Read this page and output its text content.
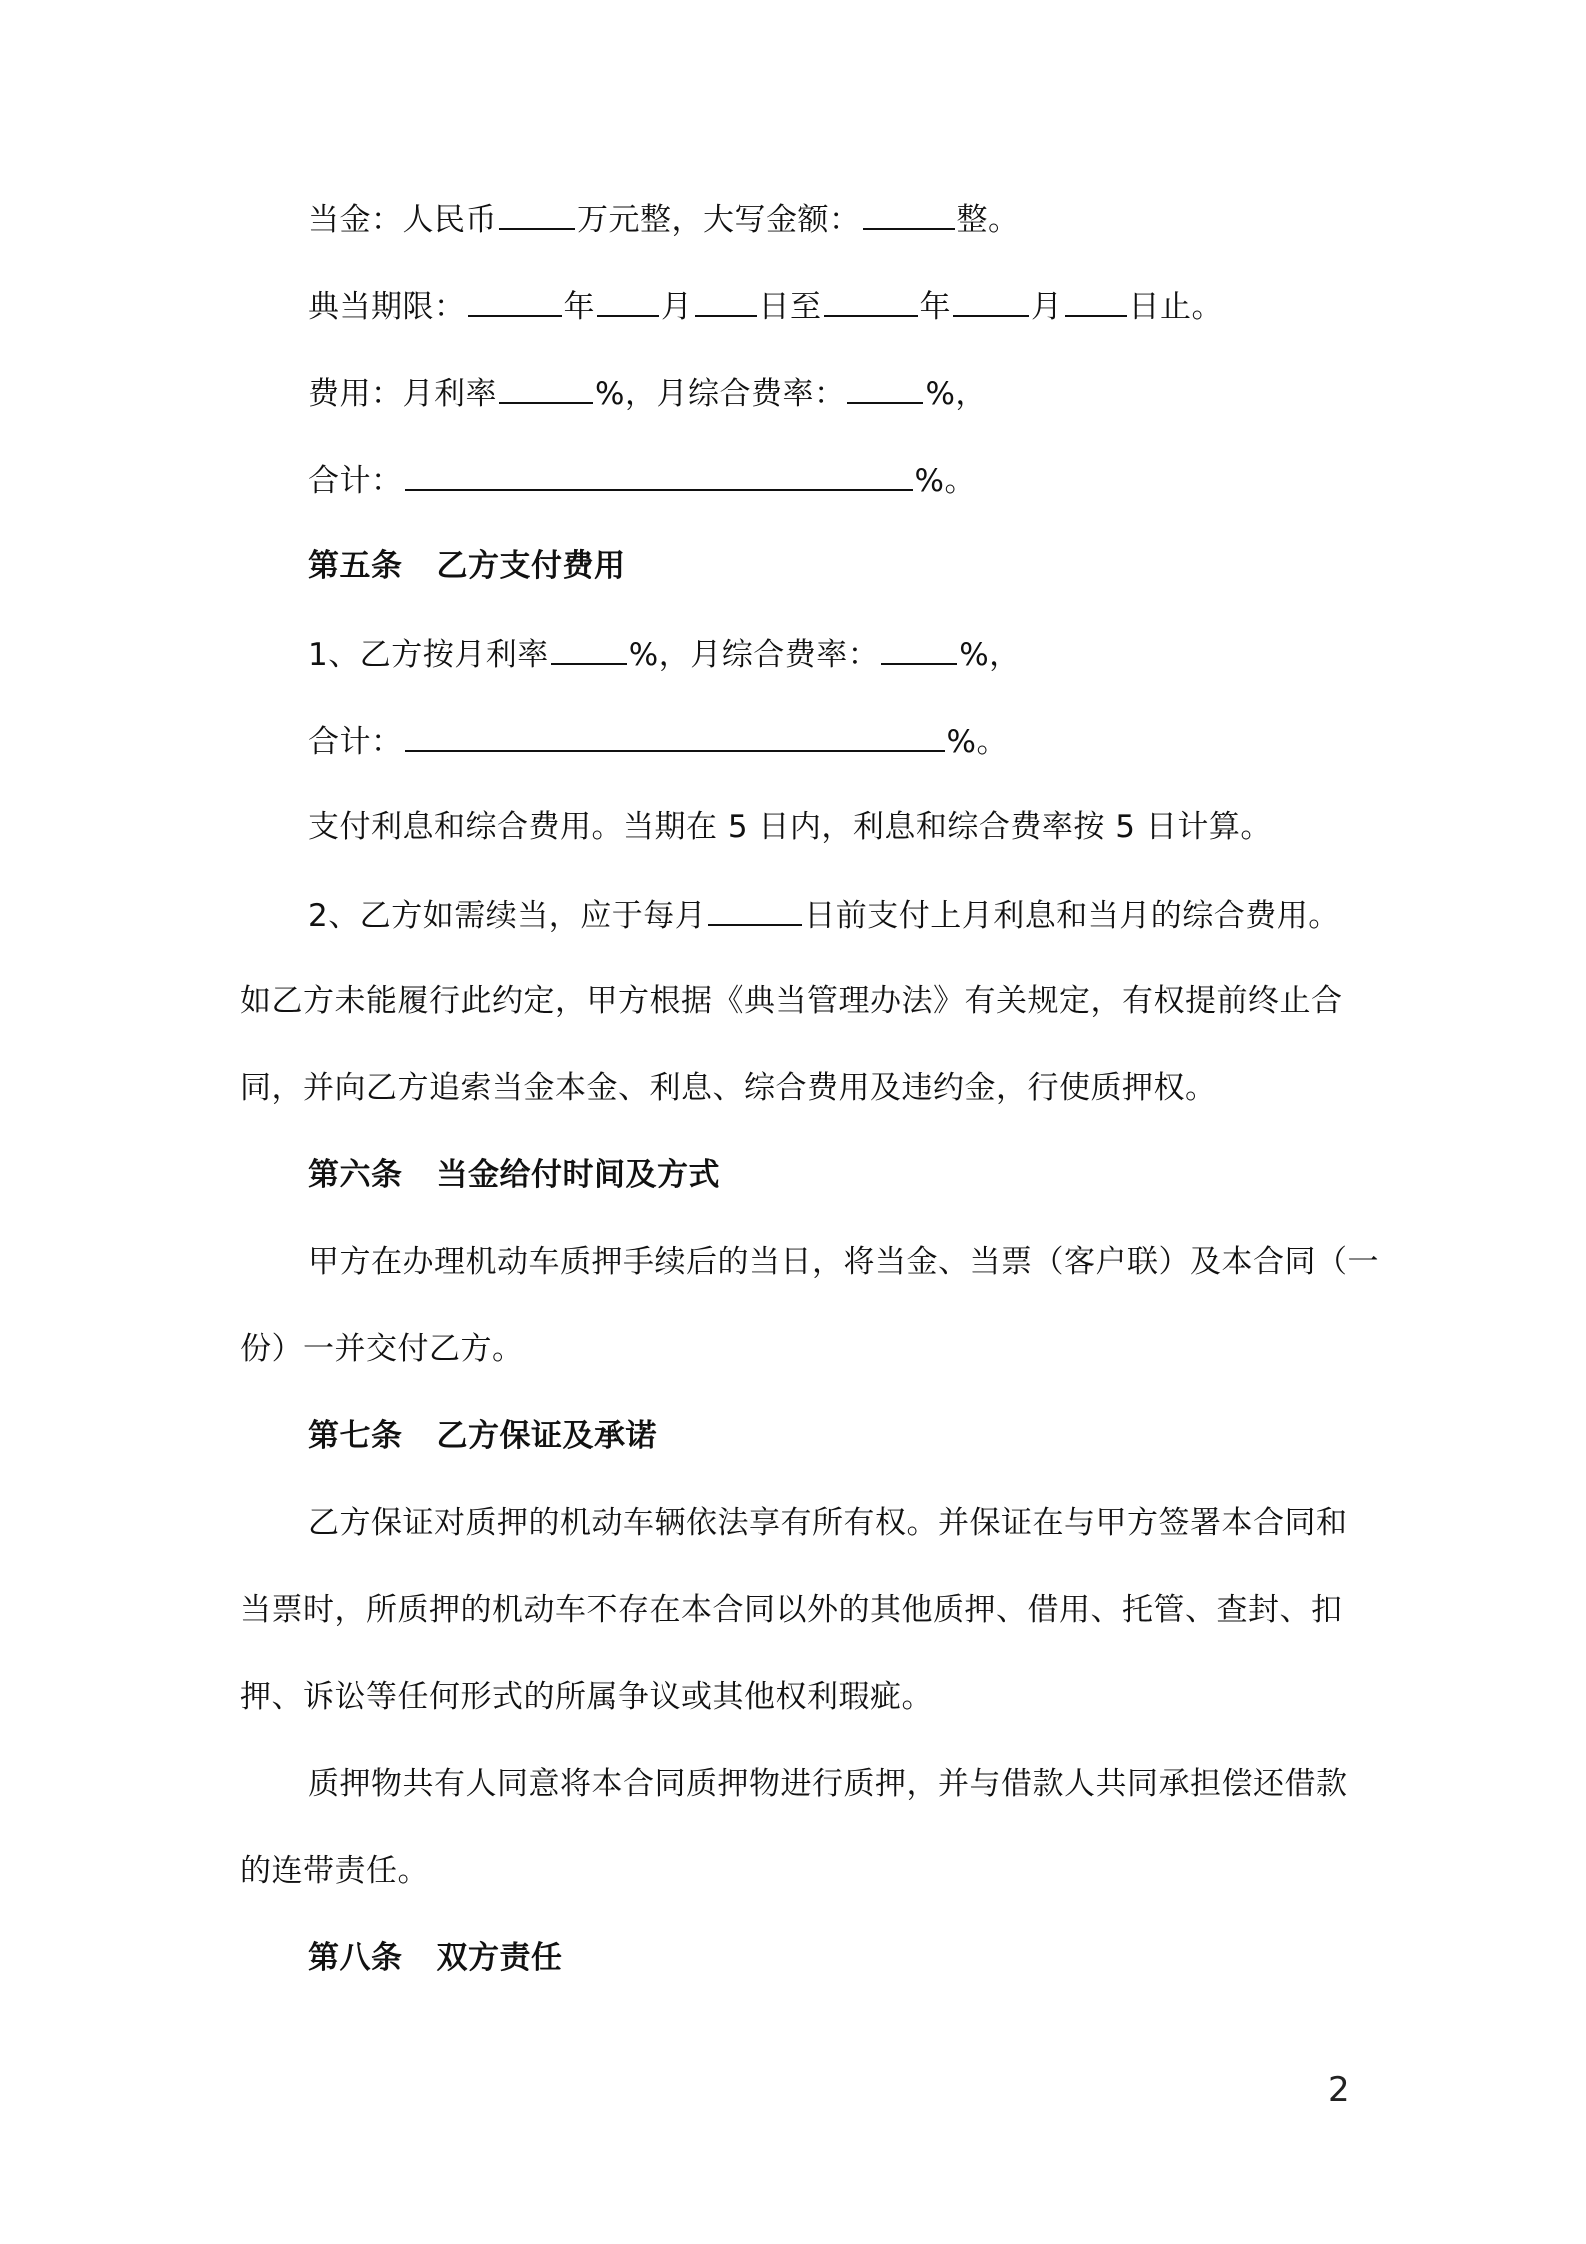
当金：人民币	万元整，大写金额：	整。
典当期限：	年 月 日至	年	月 日止。
费用：月利率	%，月综合费率：	%，
合计：	%。
第五条 乙方支付费用
1、乙方按月利率	%，月综合费率：	%，
合计：	%。
支付利息和综合费用。当期在 5 日内，利息和综合费率按 5 日计算。
2、乙方如需续当，应于每月	日前支付上月利息和当月的综合费用。
如乙方未能履行此约定，甲方根据《典当管理办法》有关规定，有权提前终止合
同，并向乙方追索当金本金、利息、综合费用及违约金，行使质押权。
第六条 当金给付时间及方式
甲方在办理机动车质押手续后的当日，将当金、当票（客户联）及本合同（一
份）一并交付乙方。
第七条 乙方保证及承诺
乙方保证对质押的机动车辆依法享有所有权。并保证在与甲方签署本合同和
当票时，所质押的机动车不存在本合同以外的其他质押、借用、托管、查封、扣
押、诉讼等任何形式的所属争议或其他权利瑕疵。
质押物共有人同意将本合同质押物进行质押，并与借款人共同承担偿还借款
的连带责任。
第八条 双方责任
2
